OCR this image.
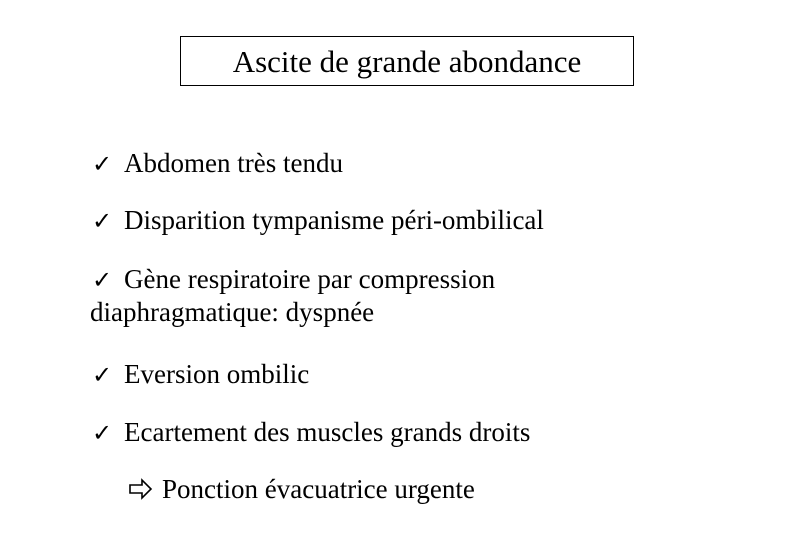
Ascite de grande abondance
✓ Abdomen très tendu
✓ Disparition tympanisme péri-ombilical
✓ Gène respiratoire par compression
diaphragmatique: dyspnée
✓ Eversion ombilic
✓ Ecartement des muscles grands droits
Ponction évacuatrice urgente
